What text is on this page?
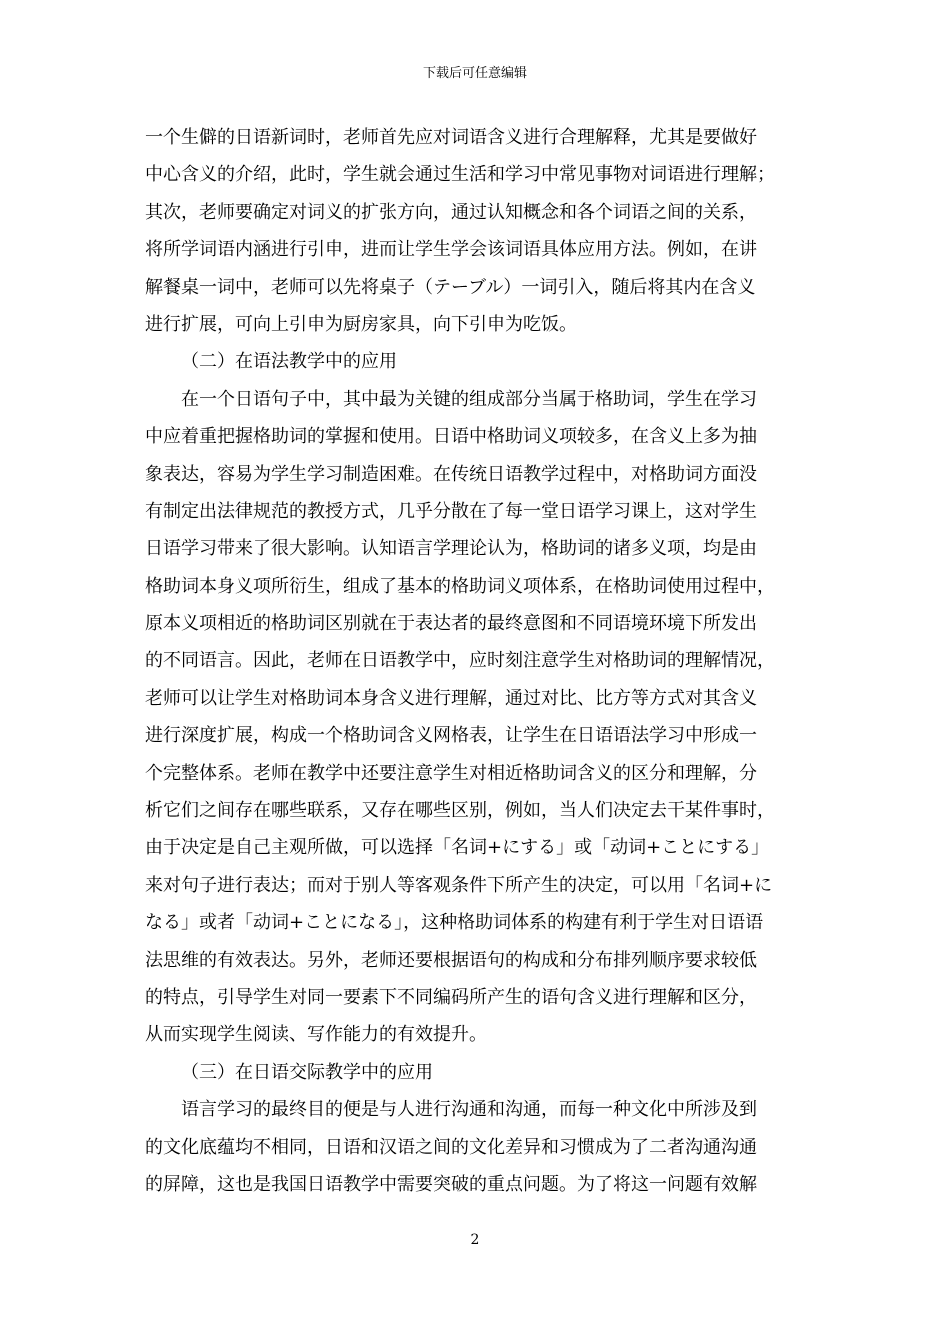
下载后可任意编辑
一个生僻的日语新词时，老师首先应对词语含义进行合理解释，尤其是要做好
中心含义的介绍，此时，学生就会通过生活和学习中常见事物对词语进行理解；
其次，老师要确定对词义的扩张方向，通过认知概念和各个词语之间的关系，
将所学词语内涵进行引申，进而让学生学会该词语具体应用方法。例如，在讲
解餐桌一词中，老师可以先将桌子（テーブル）一词引入，随后将其内在含义
进行扩展，可向上引申为厨房家具，向下引申为吃饭。
（二）在语法教学中的应用
在一个日语句子中，其中最为关键的组成部分当属于格助词，学生在学习
中应着重把握格助词的掌握和使用。日语中格助词义项较多，在含义上多为抽
象表达，容易为学生学习制造困难。在传统日语教学过程中，对格助词方面没
有制定出法律规范的教授方式，几乎分散在了每一堂日语学习课上，这对学生
日语学习带来了很大影响。认知语言学理论认为，格助词的诸多义项，均是由
格助词本身义项所衍生，组成了基本的格助词义项体系，在格助词使用过程中，
原本义项相近的格助词区别就在于表达者的最终意图和不同语境环境下所发出
的不同语言。因此，老师在日语教学中，应时刻注意学生对格助词的理解情况，
老师可以让学生对格助词本身含义进行理解，通过对比、比方等方式对其含义
进行深度扩展，构成一个格助词含义网格表，让学生在日语语法学习中形成一
个完整体系。老师在教学中还要注意学生对相近格助词含义的区分和理解，分
析它们之间存在哪些联系，又存在哪些区别，例如，当人们决定去干某件事时，
由于决定是自己主观所做，可以选择「名词+にする」或「动词+ことにする」
来对句子进行表达；而对于别人等客观条件下所产生的决定，可以用「名词+に
なる」或者「动词+ことになる」，这种格助词体系的构建有利于学生对日语语
法思维的有效表达。另外，老师还要根据语句的构成和分布排列顺序要求较低
的特点，引导学生对同一要素下不同编码所产生的语句含义进行理解和区分，
从而实现学生阅读、写作能力的有效提升。
（三）在日语交际教学中的应用
语言学习的最终目的便是与人进行沟通和沟通，而每一种文化中所涉及到
的文化底蕴均不相同，日语和汉语之间的文化差异和习惯成为了二者沟通沟通
的屏障，这也是我国日语教学中需要突破的重点问题。为了将这一问题有效解
2
